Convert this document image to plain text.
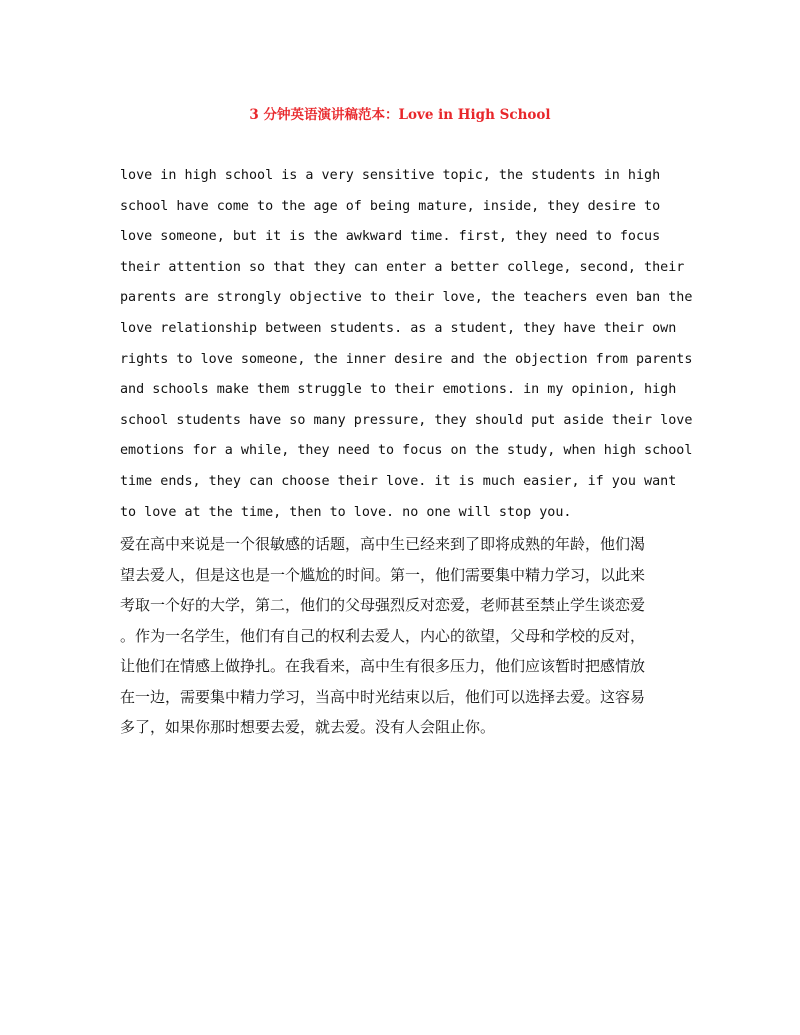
3 分钟英语演讲稿范本：Love in High School
love in high school is a very sensitive topic, the students in high
school have come to the age of being mature, inside, they desire to
love someone, but it is the awkward time. first, they need to focus
their attention so that they can enter a better college, second, their
parents are strongly objective to their love, the teachers even ban the
love relationship between students. as a student, they have their own
rights to love someone, the inner desire and the objection from parents
and schools make them struggle to their emotions. in my opinion, high
school students have so many pressure, they should put aside their love
emotions for a while, they need to focus on the study, when high school
time ends, they can choose their love. it is much easier, if you want
to love at the time, then to love. no one will stop you.
爱在高中来说是一个很敏感的话题，高中生已经来到了即将成熟的年龄，他们渴
望去爱人，但是这也是一个尴尬的时间。第一，他们需要集中精力学习，以此来
考取一个好的大学，第二，他们的父母强烈反对恋爱，老师甚至禁止学生谈恋爱
。作为一名学生，他们有自己的权利去爱人，内心的欲望，父母和学校的反对，
让他们在情感上做挣扎。在我看来，高中生有很多压力，他们应该暂时把感情放
在一边，需要集中精力学习，当高中时光结束以后，他们可以选择去爱。这容易
多了，如果你那时想要去爱，就去爱。没有人会阻止你。
